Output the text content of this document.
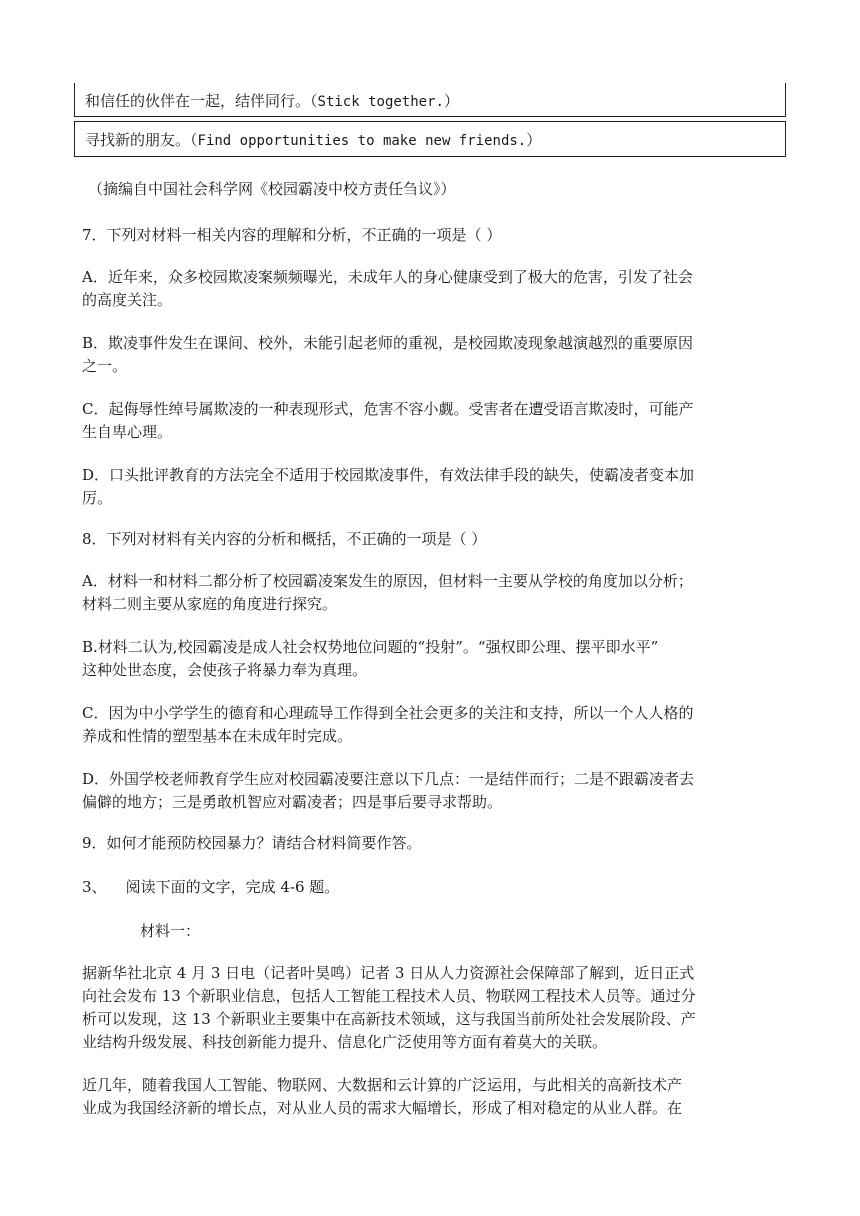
和信任的伙伴在一起，结伴同行。（Stick together.）
寻找新的朋友。（Find opportunities to make new friends.）

（摘编自中国社会科学网《校园霸凌中校方责任刍议》）

7．下列对材料一相关内容的理解和分析，不正确的一项是（ ）

A．近年来，众多校园欺凌案频频曝光，未成年人的身心健康受到了极大的危害，引发了社会
的高度关注。

B．欺凌事件发生在课间、校外，未能引起老师的重视，是校园欺凌现象越演越烈的重要原因
之一。

C．起侮辱性绰号属欺凌的一种表现形式，危害不容小觑。受害者在遭受语言欺凌时，可能产
生自卑心理。

D．口头批评教育的方法完全不适用于校园欺凌事件，有效法律手段的缺失，使霸凌者变本加
厉。

8．下列对材料有关内容的分析和概括，不正确的一项是（ ）

A．材料一和材料二都分析了校园霸凌案发生的原因，但材料一主要从学校的角度加以分析；
材料二则主要从家庭的角度进行探究。

B.材料二认为,校园霸凌是成人社会权势地位问题的“投射”。“强权即公理、摆平即水平”
这种处世态度，会使孩子将暴力奉为真理。

C．因为中小学学生的德育和心理疏导工作得到全社会更多的关注和支持，所以一个人人格的
养成和性情的塑型基本在未成年时完成。

D．外国学校老师教育学生应对校园霸凌要注意以下几点：一是结伴而行；二是不跟霸凌者去
偏僻的地方；三是勇敢机智应对霸凌者；四是事后要寻求帮助。

9．如何才能预防校园暴力？请结合材料简要作答。

3、    阅读下面的文字，完成 4-6 题。

材料一：

据新华社北京 4 月 3 日电（记者叶昊鸣）记者 3 日从人力资源社会保障部了解到，近日正式
向社会发布 13 个新职业信息，包括人工智能工程技术人员、物联网工程技术人员等。通过分
析可以发现，这 13 个新职业主要集中在高新技术领域，这与我国当前所处社会发展阶段、产
业结构升级发展、科技创新能力提升、信息化广泛使用等方面有着莫大的关联。

近几年，随着我国人工智能、物联网、大数据和云计算的广泛运用，与此相关的高新技术产
业成为我国经济新的增长点，对从业人员的需求大幅增长，形成了相对稳定的从业人群。在
